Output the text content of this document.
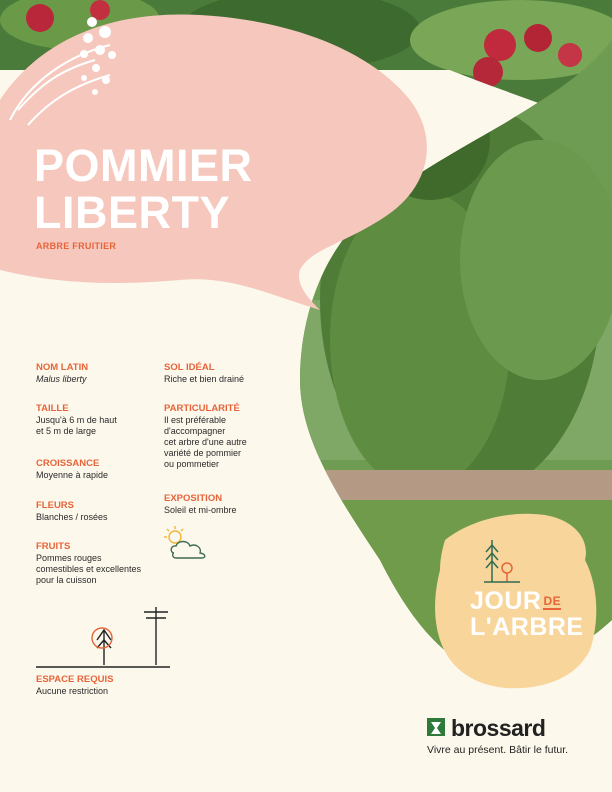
POMMIER
LIBERTY
ARBRE FRUITIER
NOM LATIN
Malus liberty
TAILLE
Jusqu'à 6 m de haut
et 5 m de large
CROISSANCE
Moyenne à rapide
FLEURS
Blanches / rosées
FRUITS
Pommes rouges
comestibles et excellentes
pour la cuisson
ESPACE REQUIS
Aucune restriction
SOL IDÉAL
Riche et bien drainé
PARTICULARITÉ
Il est préférable
d'accompagner
cet arbre d'une autre
variété de pommier
ou pommetier
EXPOSITION
Soleil et mi-ombre
JOUR $^{DE}$
L'ARBRE
brossard
Vivre au présent. Bâtir le futur.
